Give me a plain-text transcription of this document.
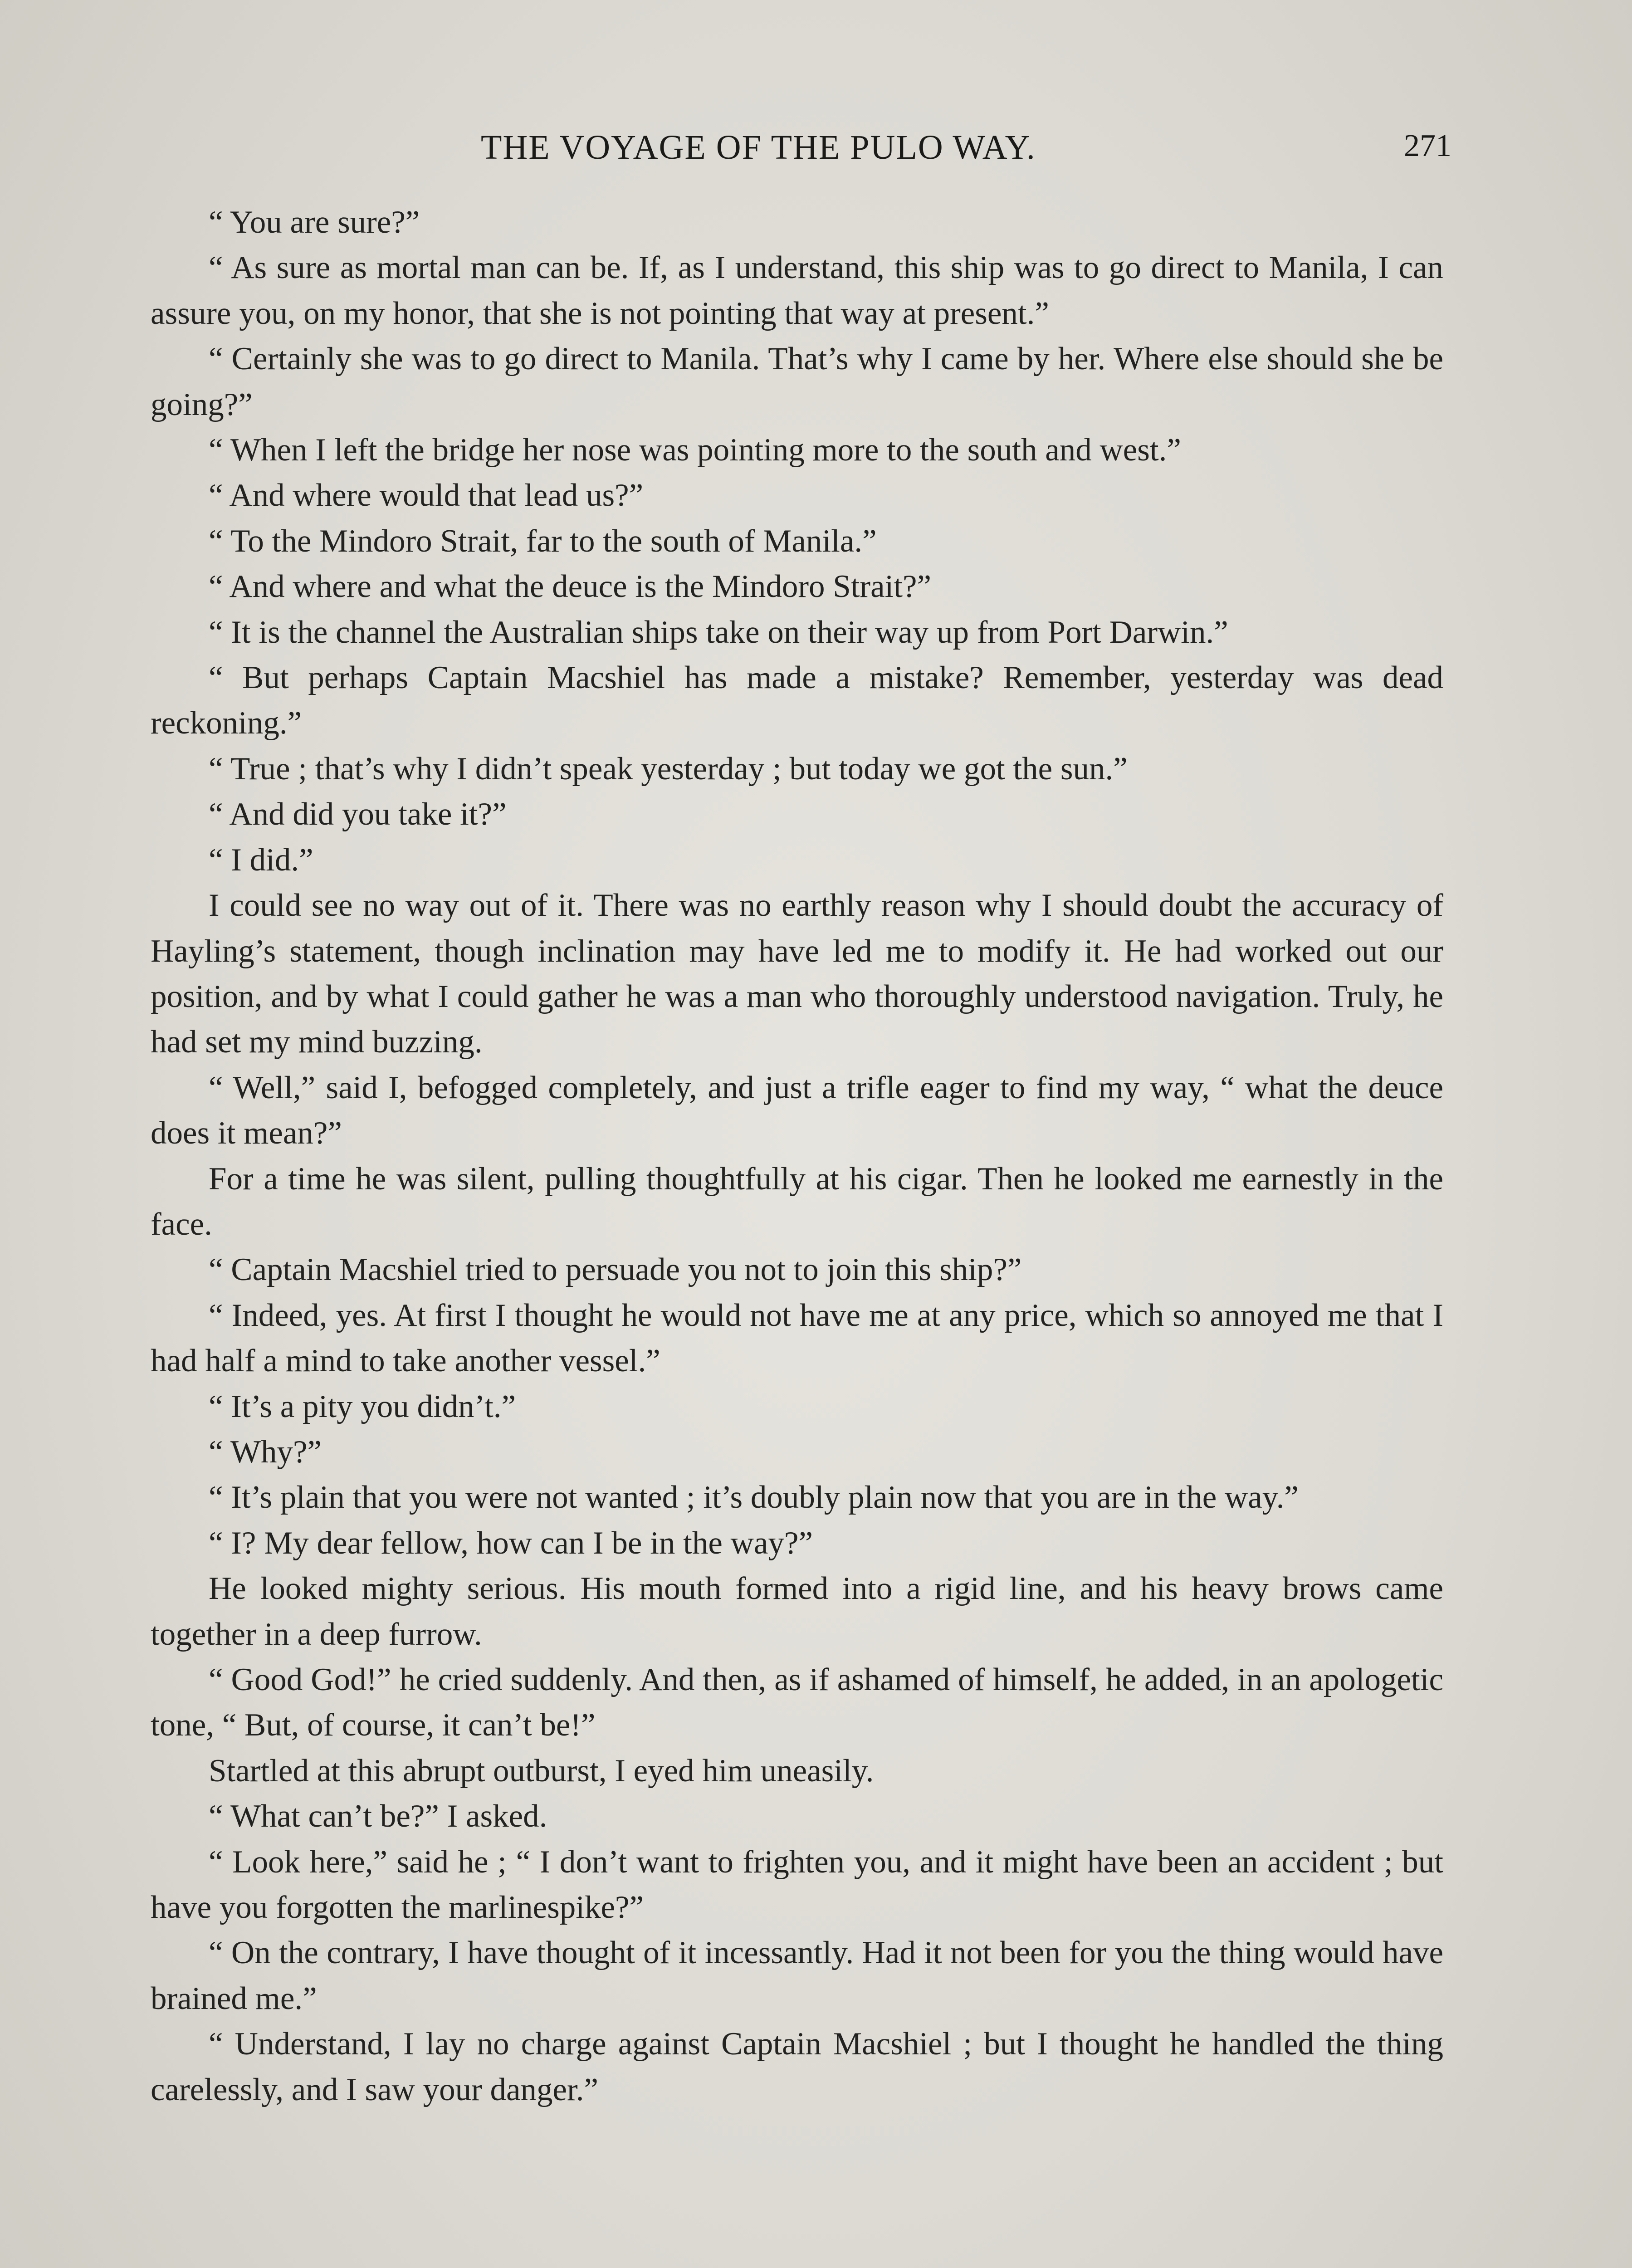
THE VOYAGE OF THE PULO WAY.	271

“ You are sure?”

“ As sure as mortal man can be. If, as I understand, this ship was to go direct to Manila, I can assure you, on my honor, that she is not pointing that way at present.”

“ Certainly she was to go direct to Manila. That’s why I came by her. Where else should she be going?”

“ When I left the bridge her nose was pointing more to the south and west.”

“ And where would that lead us?”

“ To the Mindoro Strait, far to the south of Manila.”

“ And where and what the deuce is the Mindoro Strait?”

“ It is the channel the Australian ships take on their way up from Port Darwin.”

“ But perhaps Captain Macshiel has made a mistake? Remember, yesterday was dead reckoning.”

“ True ; that’s why I didn’t speak yesterday ; but today we got the sun.”

“ And did you take it?”

“ I did.”

I could see no way out of it. There was no earthly reason why I should doubt the accuracy of Hayling’s statement, though inclination may have led me to modify it. He had worked out our position, and by what I could gather he was a man who thoroughly understood navigation. Truly, he had set my mind buzzing.

“ Well,” said I, befogged completely, and just a trifle eager to find my way, “ what the deuce does it mean?”

For a time he was silent, pulling thoughtfully at his cigar. Then he looked me earnestly in the face.

“ Captain Macshiel tried to persuade you not to join this ship?”

“ Indeed, yes. At first I thought he would not have me at any price, which so annoyed me that I had half a mind to take another vessel.”

“ It’s a pity you didn’t.”

“ Why?”

“ It’s plain that you were not wanted ; it’s doubly plain now that you are in the way.”

“ I? My dear fellow, how can I be in the way?”

He looked mighty serious. His mouth formed into a rigid line, and his heavy brows came together in a deep furrow.

“ Good God!” he cried suddenly. And then, as if ashamed of himself, he added, in an apologetic tone, “ But, of course, it can’t be!”

Startled at this abrupt outburst, I eyed him uneasily.

“ What can’t be?” I asked.

“ Look here,” said he ; “ I don’t want to frighten you, and it might have been an accident ; but have you forgotten the marlinespike?”

“ On the contrary, I have thought of it incessantly. Had it not been for you the thing would have brained me.”

“ Understand, I lay no charge against Captain Macshiel ; but I thought he handled the thing carelessly, and I saw your danger.”
